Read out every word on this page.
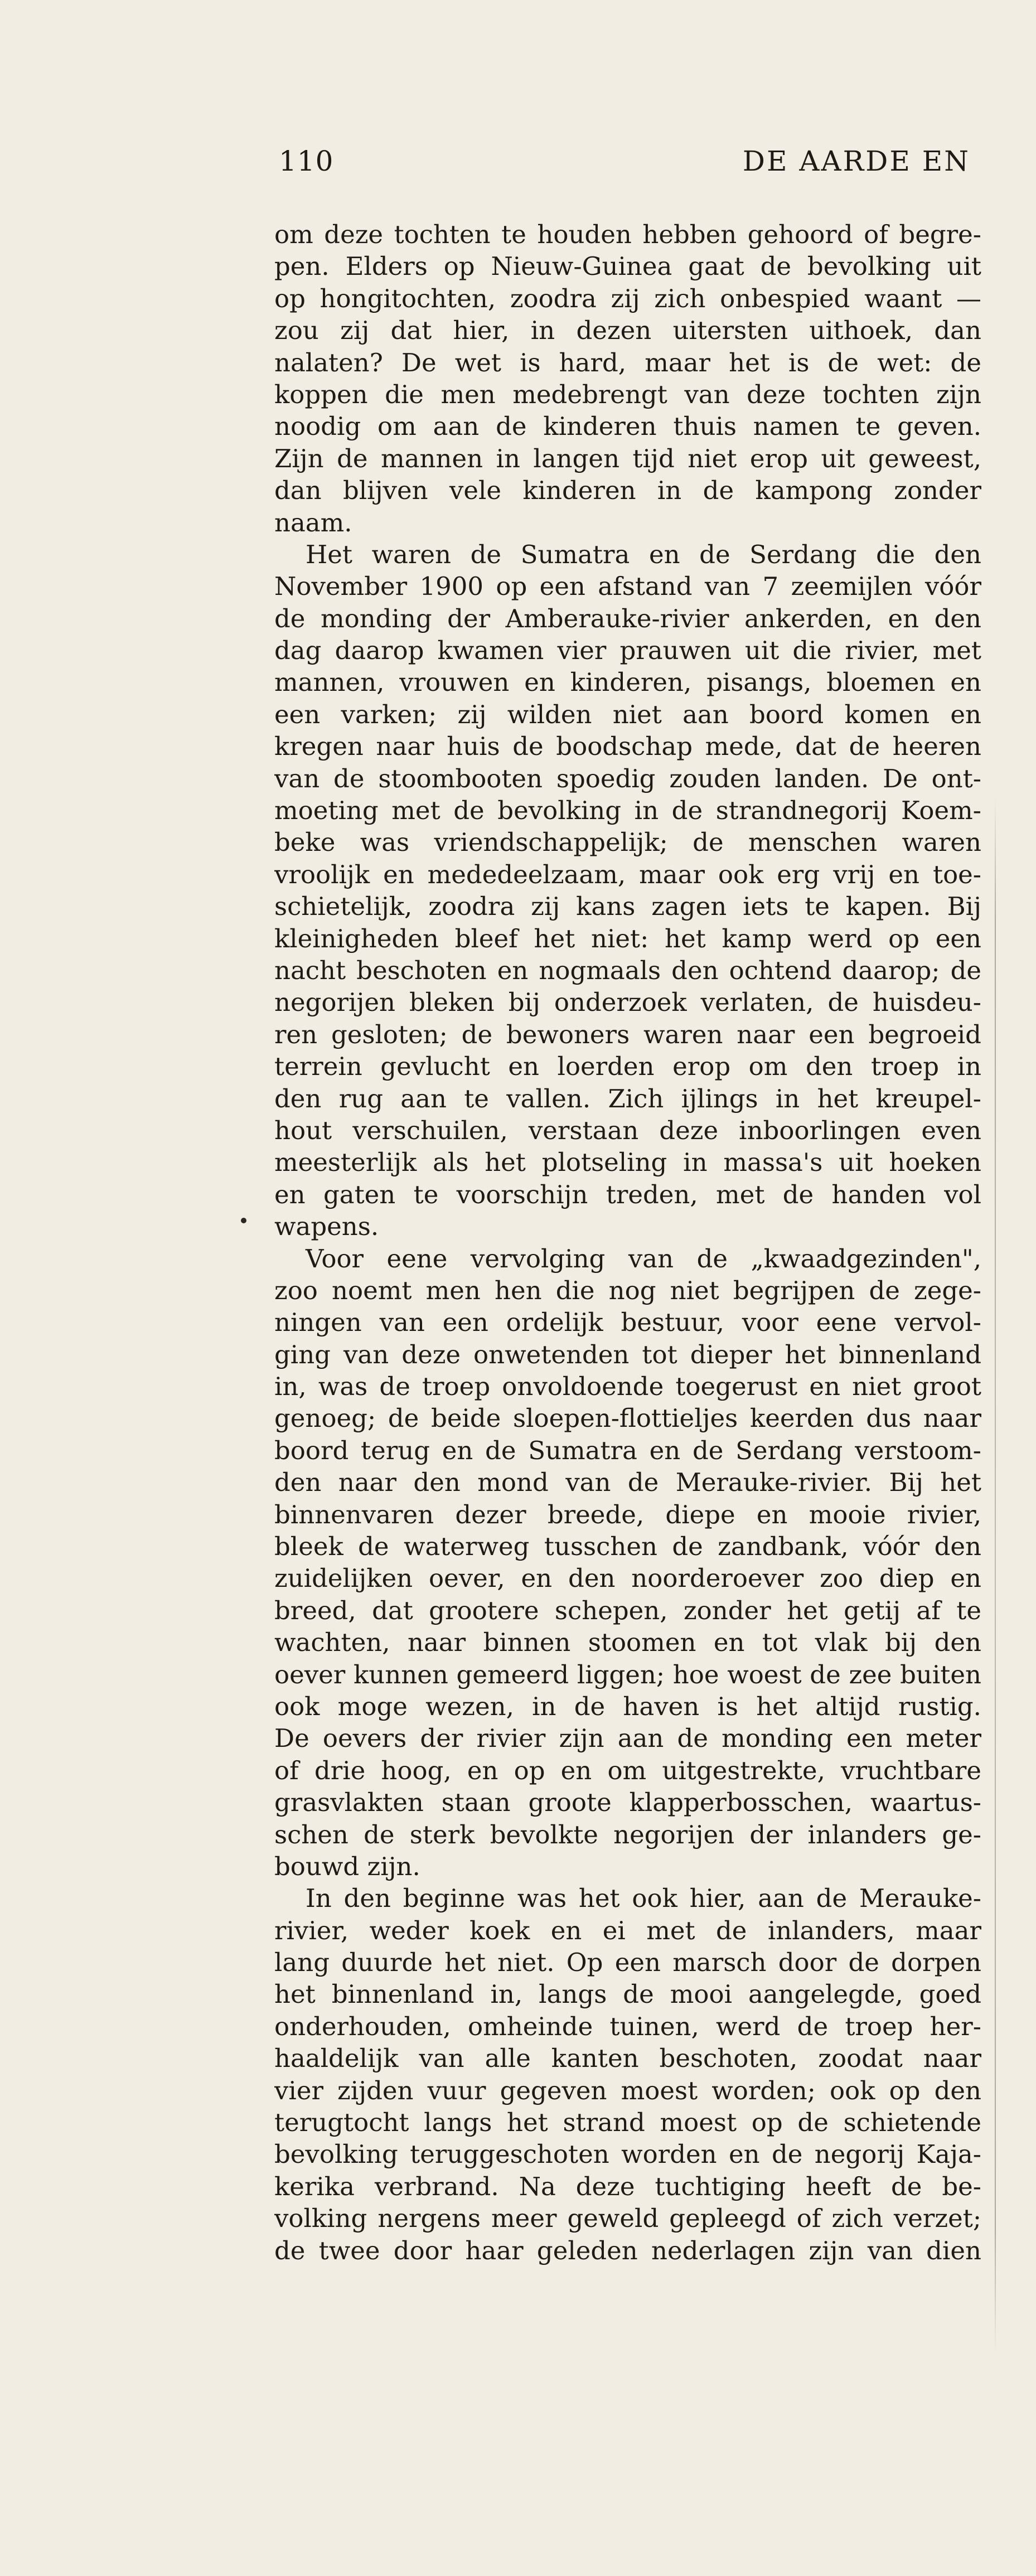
110	DE AARDE EN
om deze tochten te houden hebben gehoord of begre-
pen. Elders op Nieuw-Guinea gaat de bevolking uit
op hongitochten, zoodra zij zich onbespied waant —
zou zij dat hier, in dezen uitersten uithoek, dan
nalaten? De wet is hard, maar het is de wet: de
koppen die men medebrengt van deze tochten zijn
noodig om aan de kinderen thuis namen te geven.
Zijn de mannen in langen tijd niet erop uit geweest,
dan blijven vele kinderen in de kampong zonder
naam.
Het waren de Sumatra en de Serdang die den
November 1900 op een afstand van 7 zeemijlen vóór
de monding der Amberauke-rivier ankerden, en den
dag daarop kwamen vier prauwen uit die rivier, met
mannen, vrouwen en kinderen, pisangs, bloemen en
een varken; zij wilden niet aan boord komen en
kregen naar huis de boodschap mede, dat de heeren
van de stoombooten spoedig zouden landen. De ont-
moeting met de bevolking in de strandnegorij Koem-
beke was vriendschappelijk; de menschen waren
vroolijk en mededeelzaam, maar ook erg vrij en toe-
schietelijk, zoodra zij kans zagen iets te kapen. Bij
kleinigheden bleef het niet: het kamp werd op een
nacht beschoten en nogmaals den ochtend daarop; de
negorijen bleken bij onderzoek verlaten, de huisdeu-
ren gesloten; de bewoners waren naar een begroeid
terrein gevlucht en loerden erop om den troep in
den rug aan te vallen. Zich ijlings in het kreupel-
hout verschuilen, verstaan deze inboorlingen even
meesterlijk als het plotseling in massa's uit hoeken
en gaten te voorschijn treden, met de handen vol
wapens.
Voor eene vervolging van de „kwaadgezinden",
zoo noemt men hen die nog niet begrijpen de zege-
ningen van een ordelijk bestuur, voor eene vervol-
ging van deze onwetenden tot dieper het binnenland
in, was de troep onvoldoende toegerust en niet groot
genoeg; de beide sloepen-flottieljes keerden dus naar
boord terug en de Sumatra en de Serdang verstoom-
den naar den mond van de Merauke-rivier. Bij het
binnenvaren dezer breede, diepe en mooie rivier,
bleek de waterweg tusschen de zandbank, vóór den
zuidelijken oever, en den noorderoever zoo diep en
breed, dat grootere schepen, zonder het getij af te
wachten, naar binnen stoomen en tot vlak bij den
oever kunnen gemeerd liggen; hoe woest de zee buiten
ook moge wezen, in de haven is het altijd rustig.
De oevers der rivier zijn aan de monding een meter
of drie hoog, en op en om uitgestrekte, vruchtbare
grasvlakten staan groote klapperbosschen, waartus-
schen de sterk bevolkte negorijen der inlanders ge-
bouwd zijn.
In den beginne was het ook hier, aan de Merauke-
rivier, weder koek en ei met de inlanders, maar
lang duurde het niet. Op een marsch door de dorpen
het binnenland in, langs de mooi aangelegde, goed
onderhouden, omheinde tuinen, werd de troep her-
haaldelijk van alle kanten beschoten, zoodat naar
vier zijden vuur gegeven moest worden; ook op den
terugtocht langs het strand moest op de schietende
bevolking teruggeschoten worden en de negorij Kaja-
kerika verbrand. Na deze tuchtiging heeft de be-
volking nergens meer geweld gepleegd of zich verzet;
de twee door haar geleden nederlagen zijn van dien
